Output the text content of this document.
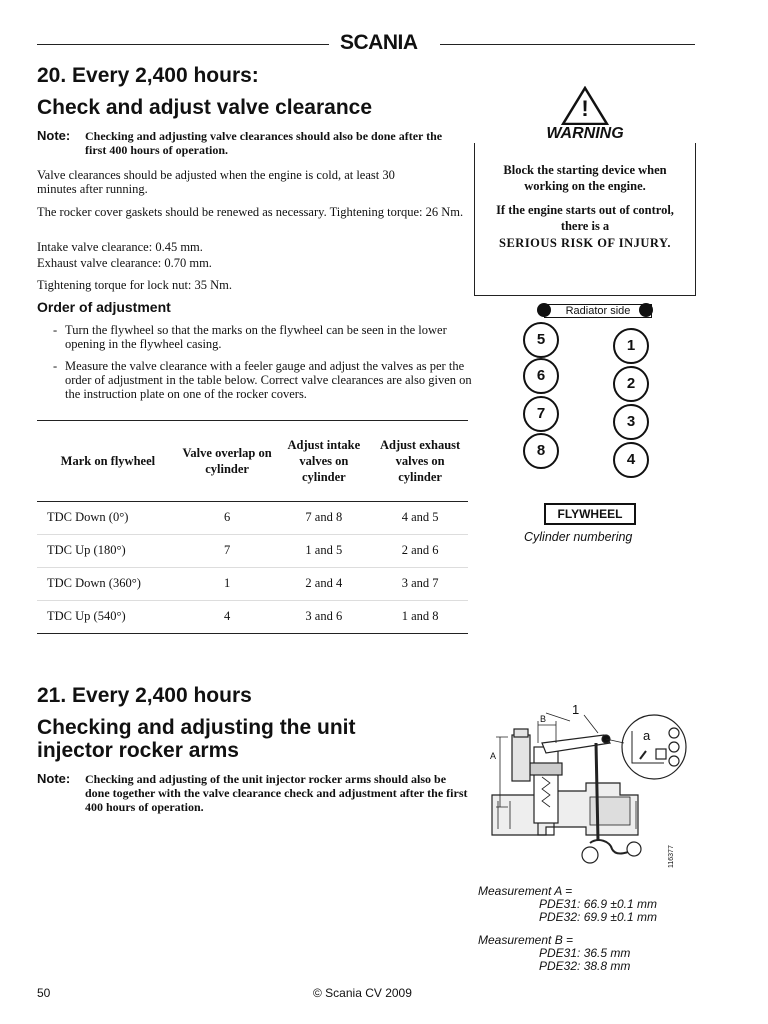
SCANIA
20. Every 2,400 hours:
Check and adjust valve clearance
Note: Checking and adjusting valve clearances should also be done after the first 400 hours of operation.
Valve clearances should be adjusted when the engine is cold, at least 30 minutes after running.
The rocker cover gaskets should be renewed as necessary. Tightening torque: 26 Nm.
Intake valve clearance: 0.45 mm.
Exhaust valve clearance: 0.70 mm.
Tightening torque for lock nut: 35 Nm.
Order of adjustment
- Turn the flywheel so that the marks on the flywheel can be seen in the lower opening in the flywheel casing.
- Measure the valve clearance with a feeler gauge and adjust the valves as per the order of adjustment in the table below. Correct valve clearances are also given on the instruction plate on one of the rocker covers.
Mark on flywheel	Valve overlap on cylinder	Adjust intake valves on cylinder	Adjust exhaust valves on cylinder
TDC Down (0°)	6	7 and 8	4 and 5
TDC Up (180°)	7	1 and 5	2 and 6
TDC Down (360°)	1	2 and 4	3 and 7
TDC Up (540°)	4	3 and 6	1 and 8
!
WARNING
Block the starting device when working on the engine.
If the engine starts out of control, there is a
SERIOUS RISK OF INJURY.
Radiator side
5
6
7
8
1
2
3
4
FLYWHEEL
Cylinder numbering
21. Every 2,400 hours
Checking and adjusting the unit
injector rocker arms
Note: Checking and adjusting of the unit injector rocker arms should also be done together with the valve clearance check and adjustment after the first 400 hours of operation.
1
B
A
a
116377
Measurement A =
PDE31: 66.9 ±0.1 mm
PDE32: 69.9 ±0.1 mm
Measurement B =
PDE31: 36.5 mm
PDE32: 38.8 mm
50	© Scania CV 2009
